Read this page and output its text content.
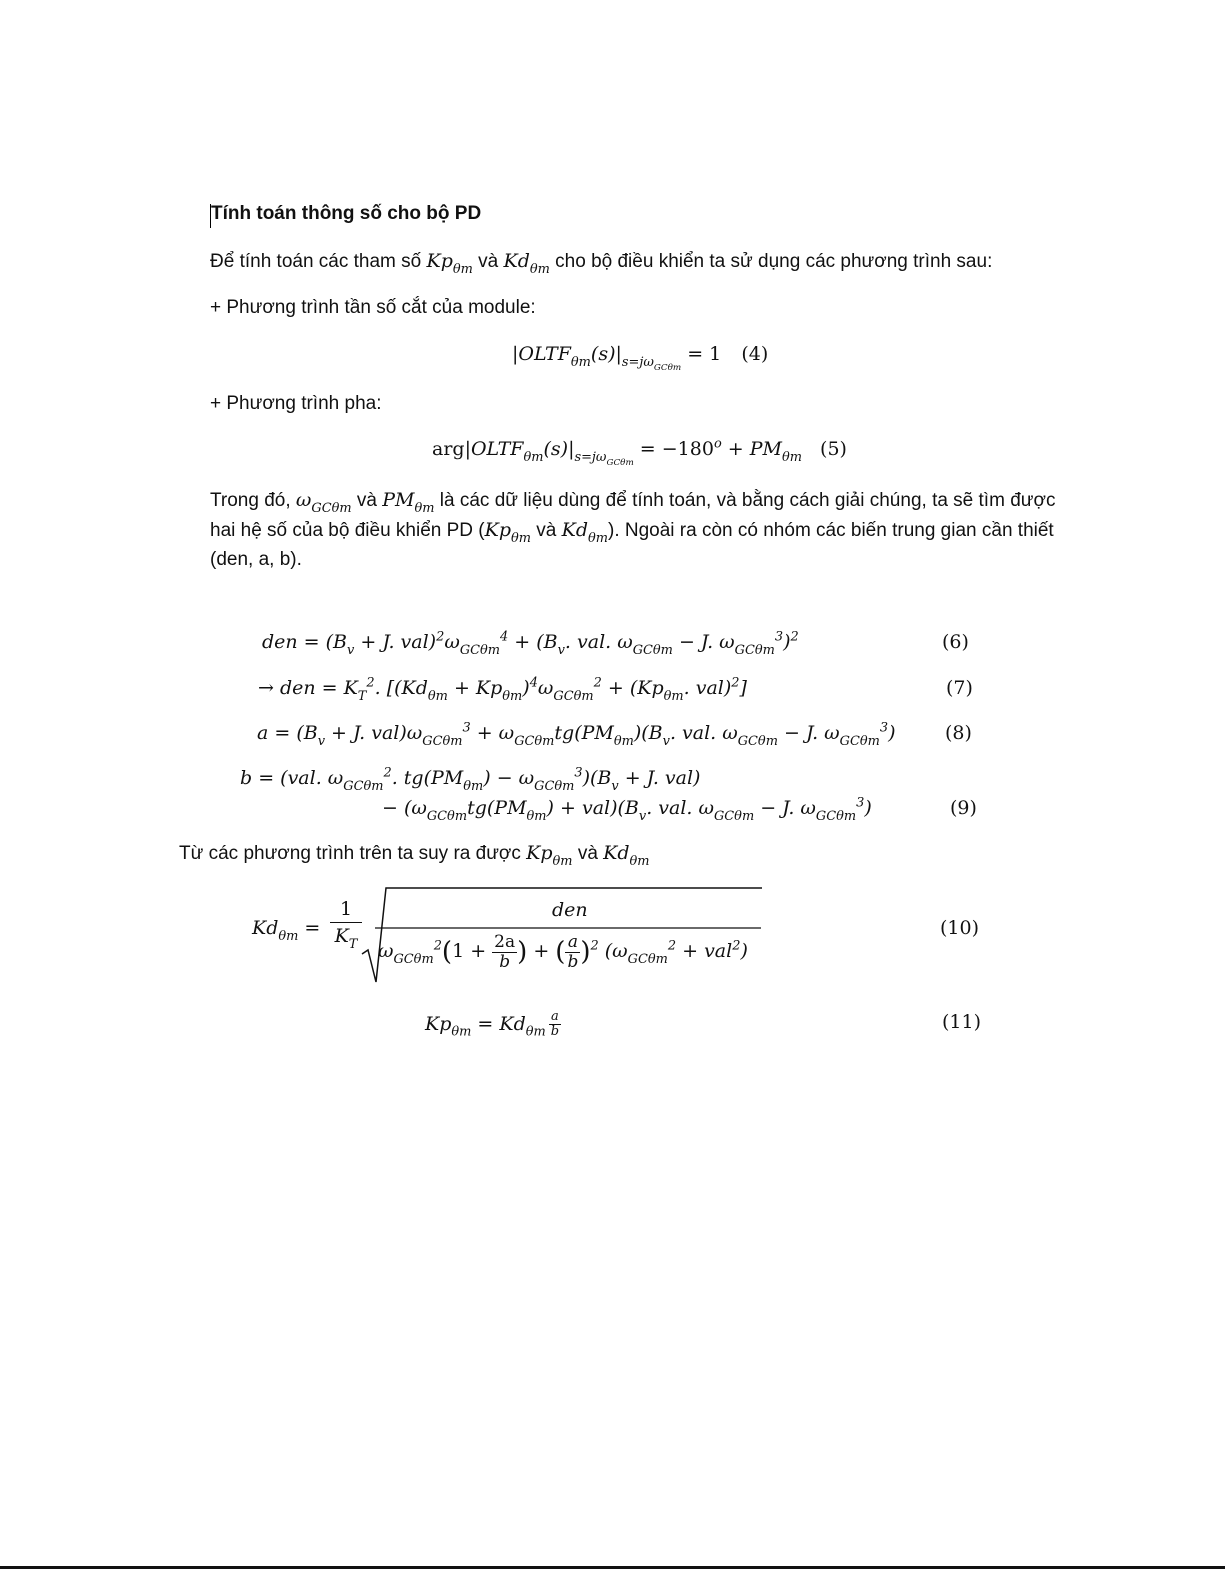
Tính toán thông số cho bộ PD
Để tính toán các tham số $Kp_{\theta m}$ và $Kd_{\theta m}$ cho bộ điều khiển ta sử dụng các phương trình sau:
+ Phương trình tần số cắt của module:
$|OLTF_{\theta m}(s)|_{s=j\omega_{GC\theta m}} = 1$ (4)
+ Phương trình pha:
$arg|OLTF_{\theta m}(s)|_{s=j\omega_{GC\theta m}} = -180^o + PM_{\theta m}$ (5)
Trong đó, $\omega_{GC\theta m}$ và $PM_{\theta m}$ là các dữ liệu dùng để tính toán, và bằng cách giải chúng, ta sẽ tìm được
hai hệ số của bộ điều khiển PD ($Kp_{\theta m}$ và $Kd_{\theta m}$). Ngoài ra còn có nhóm các biến trung gian cần thiết
(den, a, b).
den = ($B_v + J$. $val)^2\omega_{GC\theta m}^4 + (B_v$. val. $\omega_{GC\theta m} - J$. $\omega_{GC\theta m}^3)^2$	(6)
→ den = $K_T^2$. [$(Kd_{\theta m} + Kp_{\theta m})^4\omega_{GC\theta m}^2 + (Kp_{\theta m}$. val)$^2$]	(7)
$a = (B_v + J$. $val)\omega_{GC\theta m}^3 + \omega_{GC\theta m}tg(PM_{\theta m})(B_v$. val. $\omega_{GC\theta m} - J$. $\omega_{GC\theta m}^3$)	(8)
b = (val. $\omega_{GC\theta m}^2$. $tg(PM_{\theta m}) - \omega_{GC\theta m}^3)(B_v + J$. val)
− $(\omega_{GC\theta m}tg(PM_{\theta m}) + val)(B_v$. val. $\omega_{GC\theta m} - J$. $\omega_{GC\theta m}^3$)	(9)
Từ các phương trình trên ta suy ra được $Kp_{\theta m}$ và $Kd_{\theta m}$
$Kd_{\theta m}$ =
1
$K_T$
den
$\omega_{GC\theta m}^2(1 + \frac{2a}{b}$ ) + ( $\frac{a}{b} )^2$ $(\omega_{GC\theta m}^2 + val^2)$
(10)
$Kp_{\theta m} = Kd_{\theta m} \frac{a}{b}$	(11)
